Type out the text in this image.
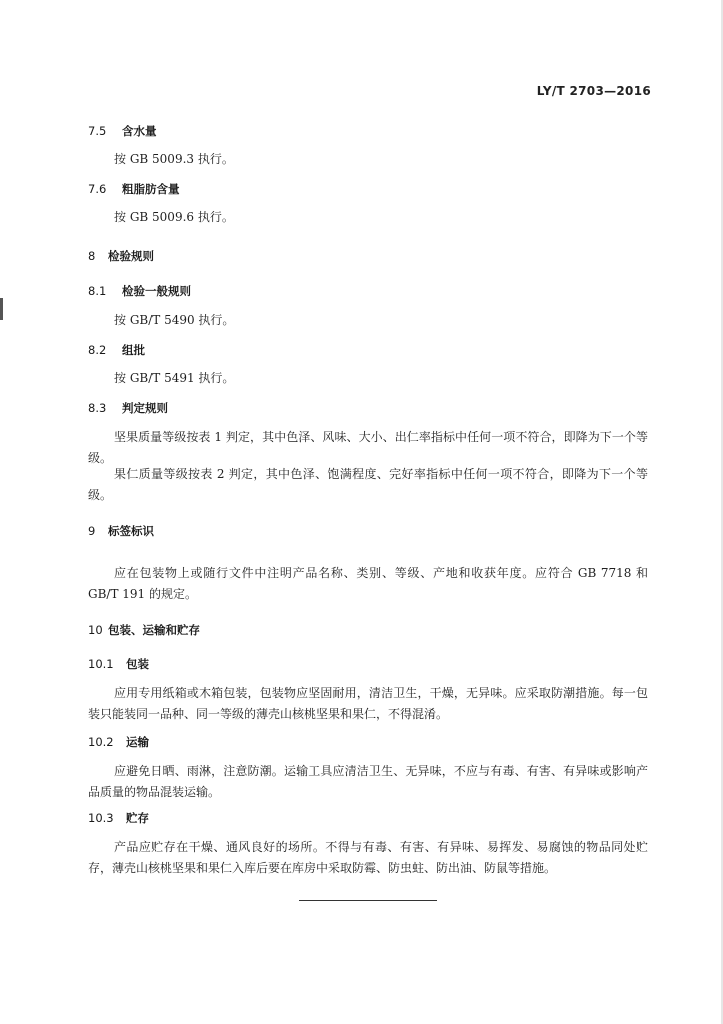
LY/T 2703—2016
7.5 含水量
按 GB 5009.3 执行。
7.6 粗脂肪含量
按 GB 5009.6 执行。
8 检验规则
8.1 检验一般规则
按 GB/T 5490 执行。
8.2 组批
按 GB/T 5491 执行。
8.3 判定规则
坚果质量等级按表 1 判定，其中色泽、风味、大小、出仁率指标中任何一项不符合，即降为下一个等级。
果仁质量等级按表 2 判定，其中色泽、饱满程度、完好率指标中任何一项不符合，即降为下一个等级。
9 标签标识
应在包装物上或随行文件中注明产品名称、类别、等级、产地和收获年度。应符合 GB 7718 和 GB/T 191 的规定。
10 包装、运输和贮存
10.1 包装
应用专用纸箱或木箱包装，包装物应坚固耐用，清洁卫生，干燥，无异味。应采取防潮措施。每一包装只能装同一品种、同一等级的薄壳山核桃坚果和果仁，不得混淆。
10.2 运输
应避免日晒、雨淋，注意防潮。运输工具应清洁卫生、无异味，不应与有毒、有害、有异味或影响产品质量的物品混装运输。
10.3 贮存
产品应贮存在干燥、通风良好的场所。不得与有毒、有害、有异味、易挥发、易腐蚀的物品同处贮存，薄壳山核桃坚果和果仁入库后要在库房中采取防霉、防虫蛀、防出油、防鼠等措施。
